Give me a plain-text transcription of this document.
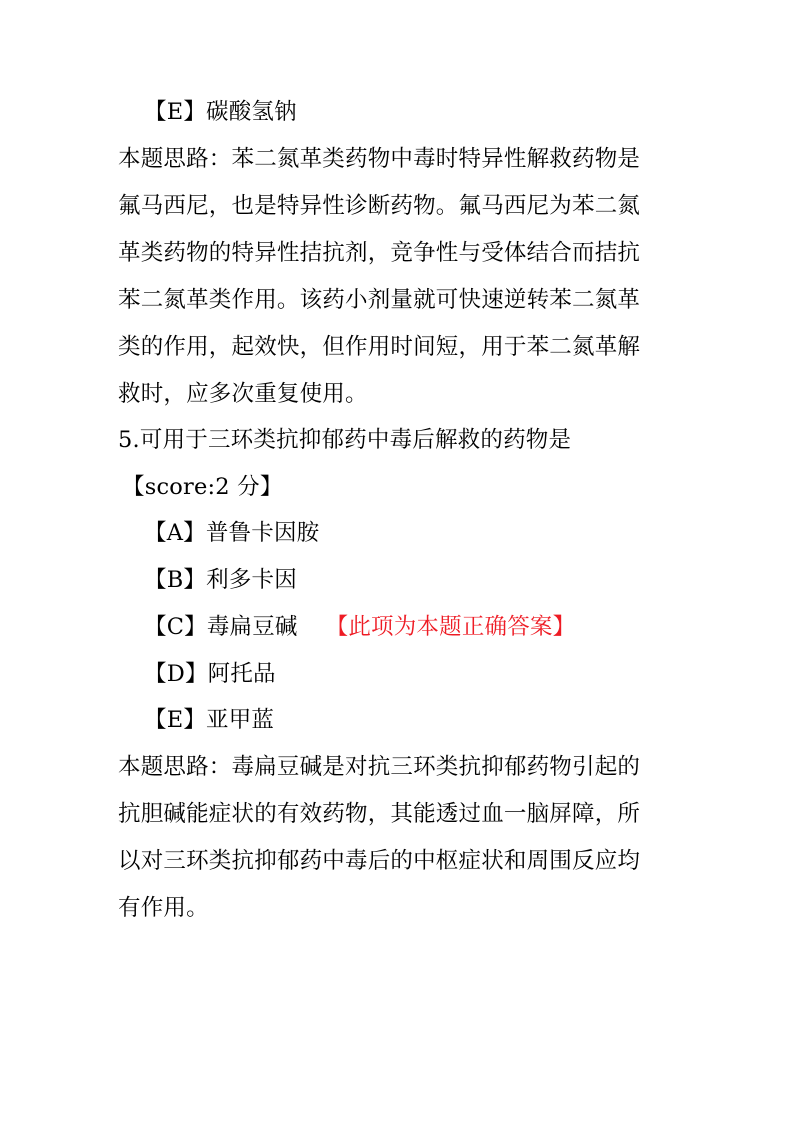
【E】碳酸氢钠
本题思路：苯二氮革类药物中毒时特异性解救药物是
氟马西尼，也是特异性诊断药物。氟马西尼为苯二氮
革类药物的特异性拮抗剂，竞争性与受体结合而拮抗
苯二氮革类作用。该药小剂量就可快速逆转苯二氮革
类的作用，起效快，但作用时间短，用于苯二氮革解
救时，应多次重复使用。
5.可用于三环类抗抑郁药中毒后解救的药物是
【score:2 分】
【A】普鲁卡因胺
【B】利多卡因
【C】毒扁豆碱 【此项为本题正确答案】
【D】阿托品
【E】亚甲蓝
本题思路：毒扁豆碱是对抗三环类抗抑郁药物引起的
抗胆碱能症状的有效药物，其能透过血一脑屏障，所
以对三环类抗抑郁药中毒后的中枢症状和周围反应均
有作用。
